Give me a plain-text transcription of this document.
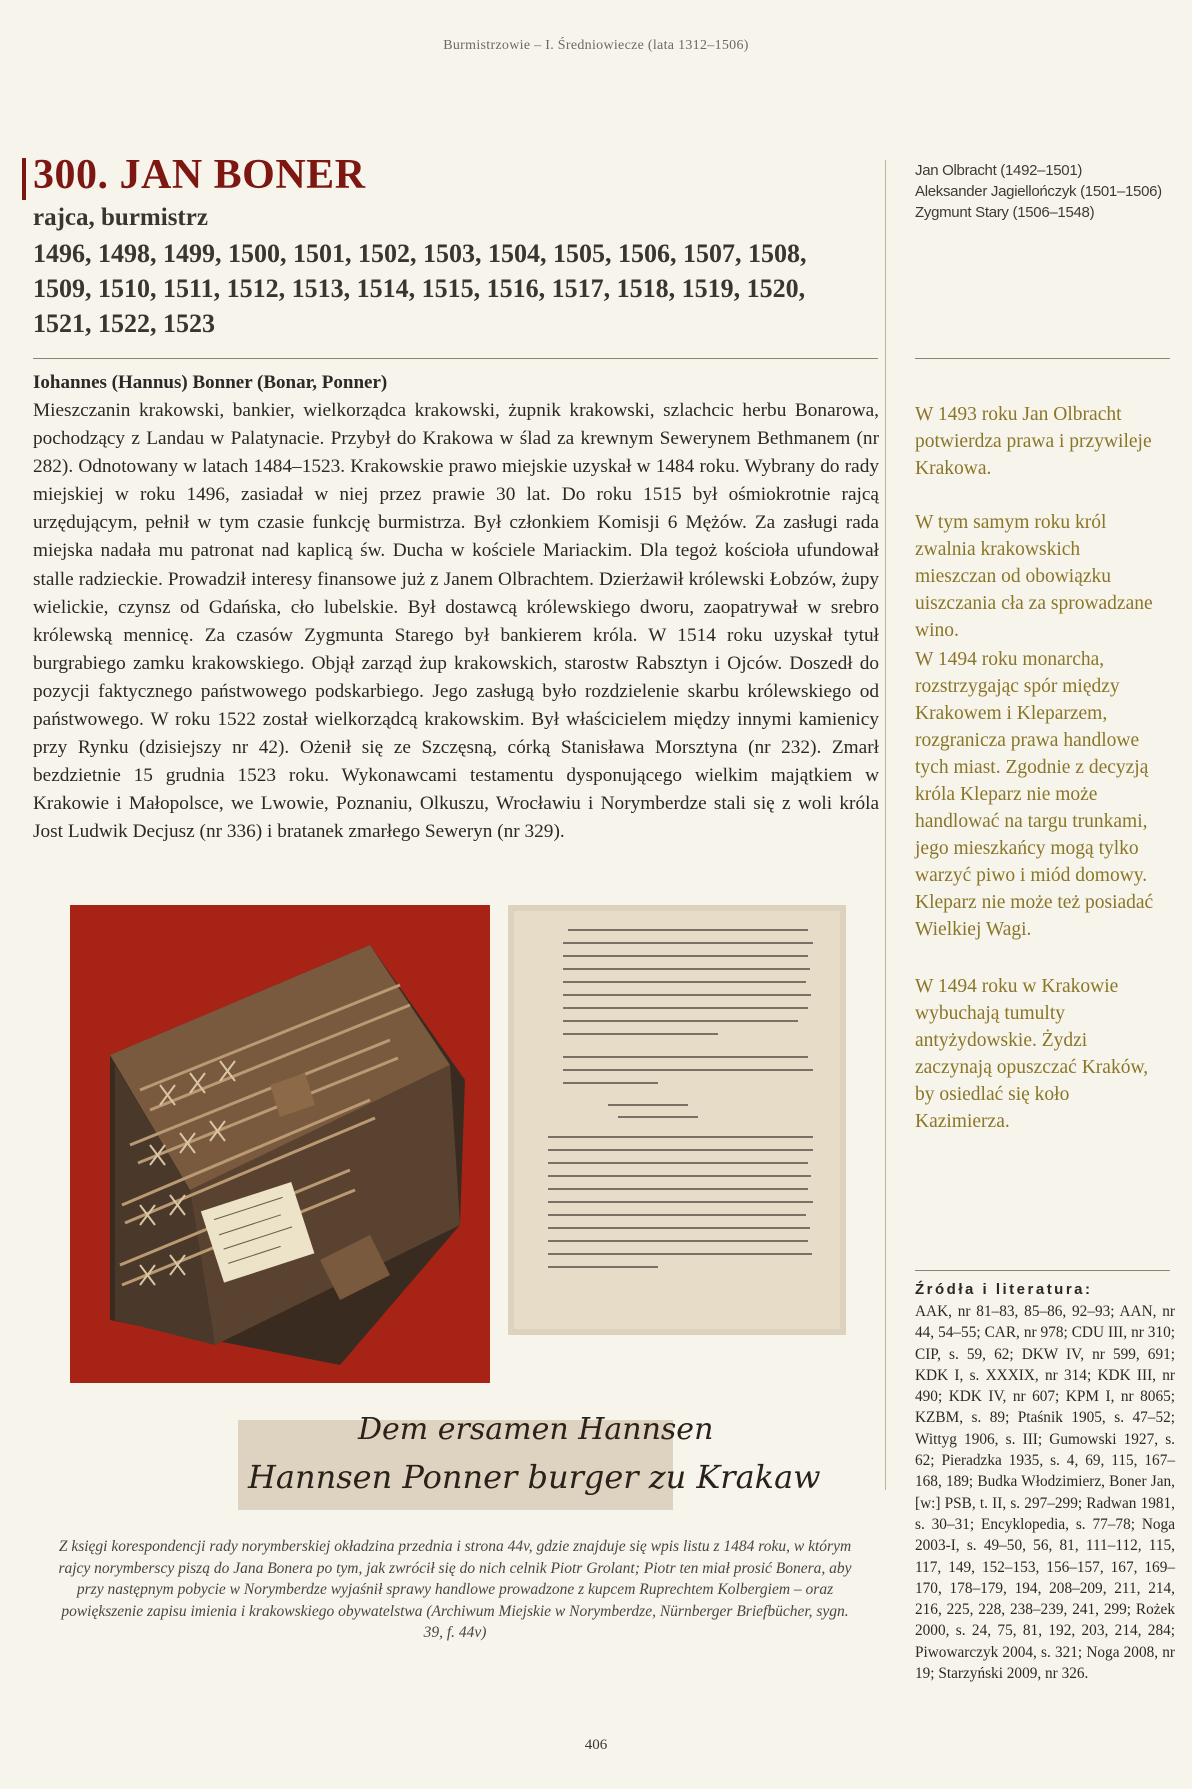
Burmistrzowie – I. Średniowiecze (lata 1312–1506)
300. JAN BONER
rajca, burmistrz

1496, 1498, 1499, 1500, 1501, 1502, 1503, 1504, 1505, 1506, 1507, 1508, 1509, 1510, 1511, 1512, 1513, 1514, 1515, 1516, 1517, 1518, 1519, 1520, 1521, 1522, 1523

Jan Olbracht (1492–1501)
Aleksander Jagiellończyk (1501–1506)
Zygmunt Stary (1506–1548)
Iohannes (Hannus) Bonner (Bonar, Ponner)

Mieszczanin krakowski, bankier, wielkorządca krakowski, żupnik krakowski, szlachcic herbu Bonarowa, pochodzący z Landau w Palatynacie. Przybył do Krakowa w ślad za krewnym Sewerynem Bethmanem (nr 282). Odnotowany w latach 1484–1523. Krakowskie prawo miejskie uzyskał w 1484 roku. Wybrany do rady miejskiej w roku 1496, zasiadał w niej przez prawie 30 lat. Do roku 1515 był ośmiokrotnie rajcą urzędującym, pełnił w tym czasie funkcję burmistrza. Był członkiem Komisji 6 Mężów. Za zasługi rada miejska nadała mu patronat nad kaplicą św. Ducha w kościele Mariackim. Dla tegoż kościoła ufundował stalle radzieckie. Prowadził interesy finansowe już z Janem Olbrachtem. Dzierżawił królewski Łobzów, żupy wielickie, czynsz od Gdańska, cło lubelskie. Był dostawcą królewskiego dworu, zaopatrywał w srebro królewską mennicę. Za czasów Zygmunta Starego był bankierem króla. W 1514 roku uzyskał tytuł burgrabiego zamku krakowskiego. Objął zarząd żup krakowskich, starostw Rabsztyn i Ojców. Doszedł do pozycji faktycznego państwowego podskarbiego. Jego zasługą było rozdzielenie skarbu królewskiego od państwowego. W roku 1522 został wielkorządcą krakowskim. Był właścicielem między innymi kamienicy przy Rynku (dzisiejszy nr 42). Ożenił się ze Szczęsną, córką Stanisława Morsztyna (nr 232). Zmarł bezdzietnie 15 grudnia 1523 roku. Wykonawcami testamentu dysponującego wielkim majątkiem w Krakowie i Małopolsce, we Lwowie, Poznaniu, Olkuszu, Wrocławiu i Norymberdze stali się z woli króla Jost Ludwik Decjusz (nr 336) i bratanek zmarłego Seweryn (nr 329).

W 1493 roku Jan Olbracht potwierdza prawa i przywileje Krakowa.

W tym samym roku król zwalnia krakowskich mieszczan od obowiązku uiszczania cła za sprowadzane wino.

W 1494 roku monarcha, rozstrzygając spór między Krakowem i Kleparzem, rozgranicza prawa handlowe tych miast. Zgodnie z decyzją króla Kleparz nie może handlować na targu trunkami, jego mieszkańcy mogą tylko warzyć piwo i miód domowy. Kleparz nie może też posiadać Wielkiej Wagi.

W 1494 roku w Krakowie wybuchają tumulty antyżydowskie. Żydzi zaczynają opuszczać Kraków, by osiedlać się koło Kazimierza.

Dem ersamen Hannsen
Hannsen Ponner burger zu Krakaw

Z księgi korespondencji rady norymberskiej okładzina przednia i strona 44v, gdzie znajduje się wpis listu z 1484 roku, w którym rajcy norymberscy piszą do Jana Bonera po tym, jak zwrócił się do nich celnik Piotr Grolant; Piotr ten miał prosić Bonera, aby przy następnym pobycie w Norymberdze wyjaśnił sprawy handlowe prowadzone z kupcem Ruprechtem Kolbergiem – oraz powiększenie zapisu imienia i krakowskiego obywatelstwa (Archiwum Miejskie w Norymberdze, Nürnberger Briefbücher, sygn. 39, f. 44v)

Źródła i literatura:

AAK, nr 81–83, 85–86, 92–93; AAN, nr 44, 54–55; CAR, nr 978; CDU III, nr 310; CIP, s. 59, 62; DKW IV, nr 599, 691; KDK I, s. XXXIX, nr 314; KDK III, nr 490; KDK IV, nr 607; KPM I, nr 8065; KZBM, s. 89; Ptaśnik 1905, s. 47–52; Wittyg 1906, s. III; Gumowski 1927, s. 62; Pieradzka 1935, s. 4, 69, 115, 167–168, 189; Budka Włodzimierz, Boner Jan, [w:] PSB, t. II, s. 297–299; Radwan 1981, s. 30–31; Encyklopedia, s. 77–78; Noga 2003-I, s. 49–50, 56, 81, 111–112, 115, 117, 149, 152–153, 156–157, 167, 169–170, 178–179, 194, 208–209, 211, 214, 216, 225, 228, 238–239, 241, 299; Rożek 2000, s. 24, 75, 81, 192, 203, 214, 284; Piwowarczyk 2004, s. 321; Noga 2008, nr 19; Starzyński 2009, nr 326.

406
